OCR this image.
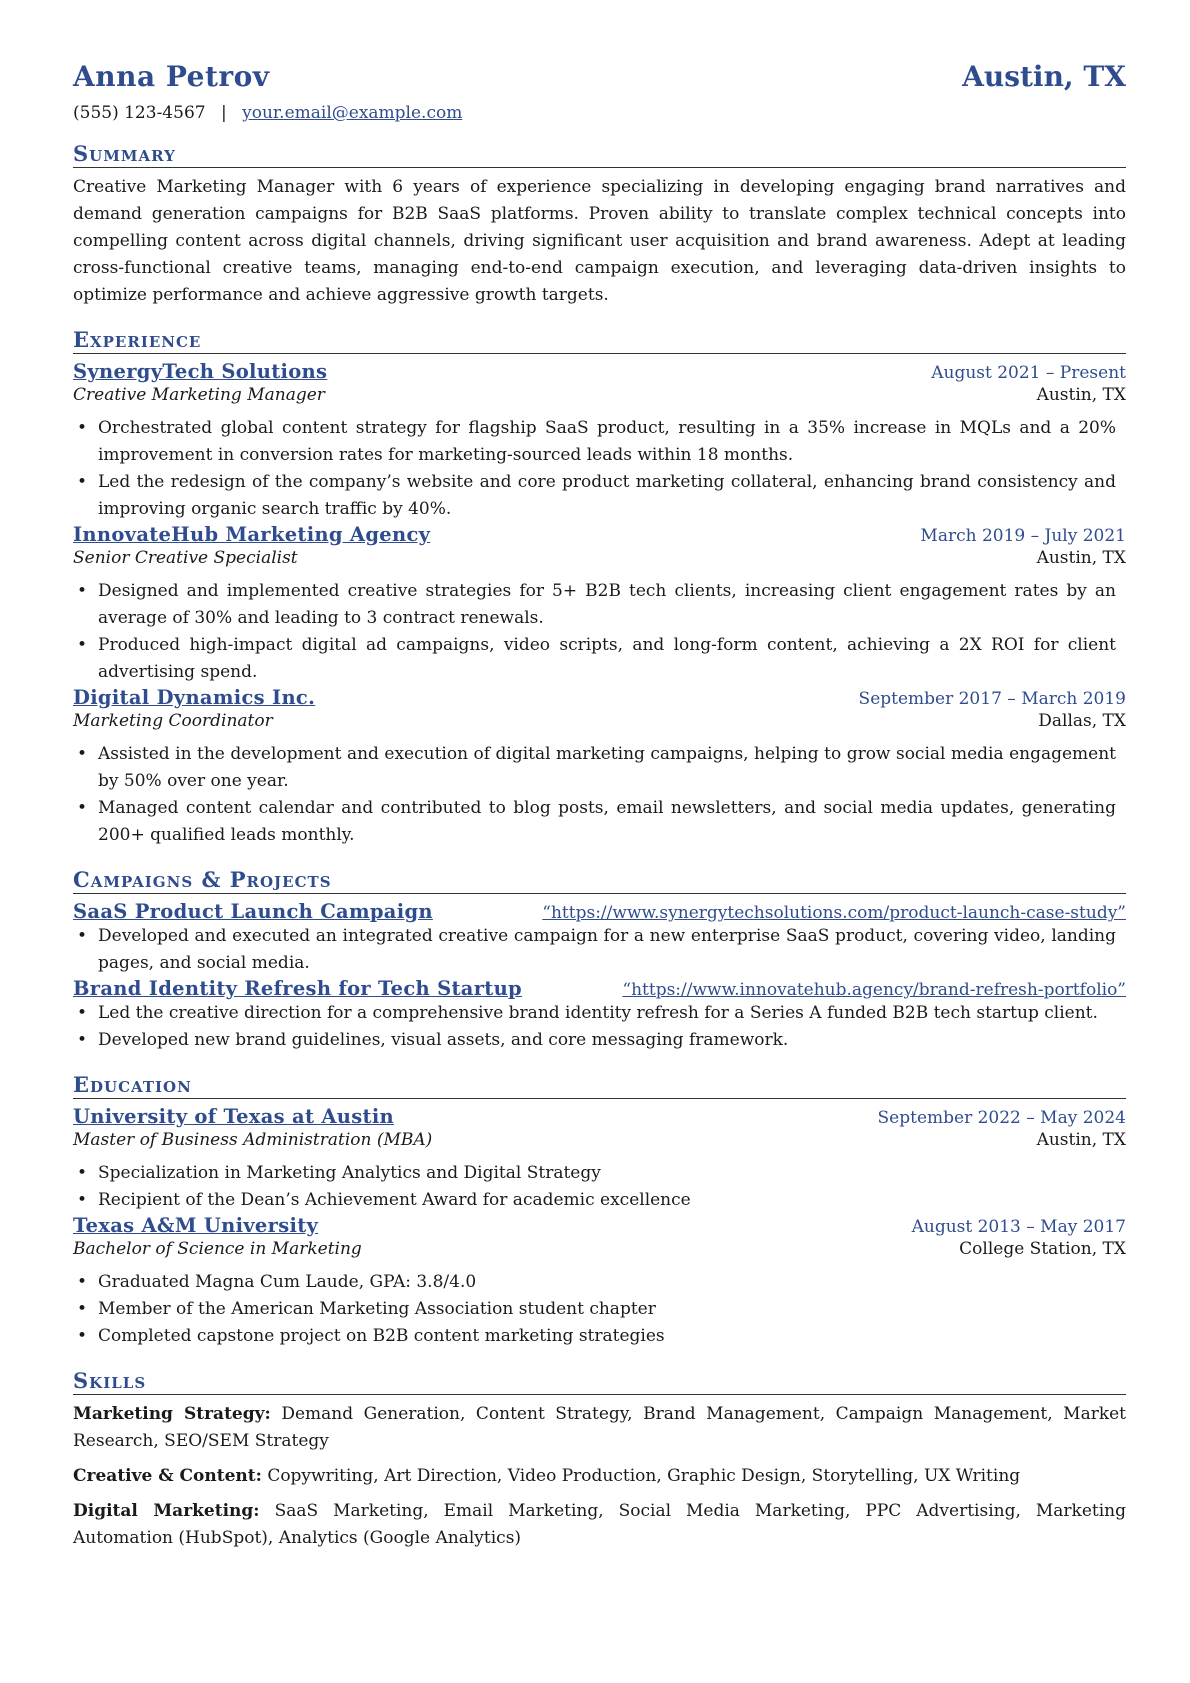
Anna Petrov	Austin, TX
(555) 123-4567 | your.email@example.com
Summary

Creative Marketing Manager with 6 years of experience specializing in developing engaging brand narratives and demand generation campaigns for B2B SaaS platforms. Proven ability to translate complex technical concepts into compelling content across digital channels, driving significant user acquisition and brand awareness. Adept at leading cross-functional creative teams, managing end-to-end campaign execution, and leveraging data-driven insights to optimize performance and achieve aggressive growth targets.

Experience
SynergyTech Solutions	August 2021 – Present
Creative Marketing Manager	Austin, TX
• Orchestrated global content strategy for flagship SaaS product, resulting in a 35% increase in MQLs and a 20% improvement in conversion rates for marketing-sourced leads within 18 months.
• Led the redesign of the company’s website and core product marketing collateral, enhancing brand consistency and improving organic search traffic by 40%.
InnovateHub Marketing Agency	March 2019 – July 2021
Senior Creative Specialist	Austin, TX
• Designed and implemented creative strategies for 5+ B2B tech clients, increasing client engagement rates by an average of 30% and leading to 3 contract renewals.
• Produced high-impact digital ad campaigns, video scripts, and long-form content, achieving a 2X ROI for client advertising spend.
Digital Dynamics Inc.	September 2017 – March 2019
Marketing Coordinator	Dallas, TX
• Assisted in the development and execution of digital marketing campaigns, helping to grow social media engagement by 50% over one year.
• Managed content calendar and contributed to blog posts, email newsletters, and social media updates, generating 200+ qualified leads monthly.
Campaigns & Projects
SaaS Product Launch Campaign	“https://www.synergytechsolutions.com/product-launch-case-study”
• Developed and executed an integrated creative campaign for a new enterprise SaaS product, covering video, landing pages, and social media.
Brand Identity Refresh for Tech Startup	“https://www.innovatehub.agency/brand-refresh-portfolio”
• Led the creative direction for a comprehensive brand identity refresh for a Series A funded B2B tech startup client.
• Developed new brand guidelines, visual assets, and core messaging framework.
Education
University of Texas at Austin	September 2022 – May 2024
Master of Business Administration (MBA)	Austin, TX
• Specialization in Marketing Analytics and Digital Strategy
• Recipient of the Dean’s Achievement Award for academic excellence
Texas A&M University	August 2013 – May 2017
Bachelor of Science in Marketing	College Station, TX
• Graduated Magna Cum Laude, GPA: 3.8/4.0
• Member of the American Marketing Association student chapter
• Completed capstone project on B2B content marketing strategies
Skills

Marketing Strategy: Demand Generation, Content Strategy, Brand Management, Campaign Management, Market Research, SEO/SEM Strategy

Creative & Content: Copywriting, Art Direction, Video Production, Graphic Design, Storytelling, UX Writing

Digital Marketing: SaaS Marketing, Email Marketing, Social Media Marketing, PPC Advertising, Marketing Automation (HubSpot), Analytics (Google Analytics)
